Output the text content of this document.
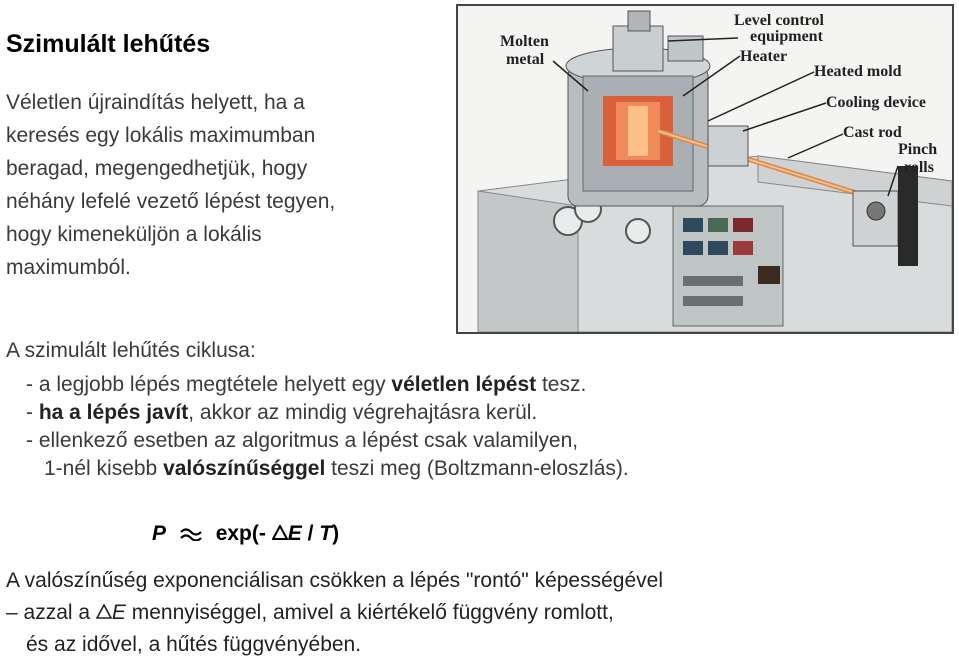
Szimulált lehűtés
Véletlen újraindítás helyett, ha a
keresés egy lokális maximumban
beragad, megengedhetjük, hogy
néhány lefelé vezető lépést tegyen,
hogy kimeneküljön a lokális
maximumból.
Molten
metal
Level control
equipment
Heater
Heated mold
Cooling device
Cast rod
Pinch
rolls
A szimulált lehűtés ciklusa:
- a legjobb lépés megtétele helyett egy véletlen lépést tesz.
- ha a lépés javít, akkor az mindig végrehajtásra kerül.
- ellenkező esetben az algoritmus a lépést csak valamilyen,
1-nél kisebb valószínűséggel teszi meg (Boltzmann-eloszlás).
P exp(- E / T)
A valószínűség exponenciálisan csökken a lépés "rontó" képességével
– azzal a E mennyiséggel, amivel a kiértékelő függvény romlott,
és az idővel, a hűtés függvényében.
